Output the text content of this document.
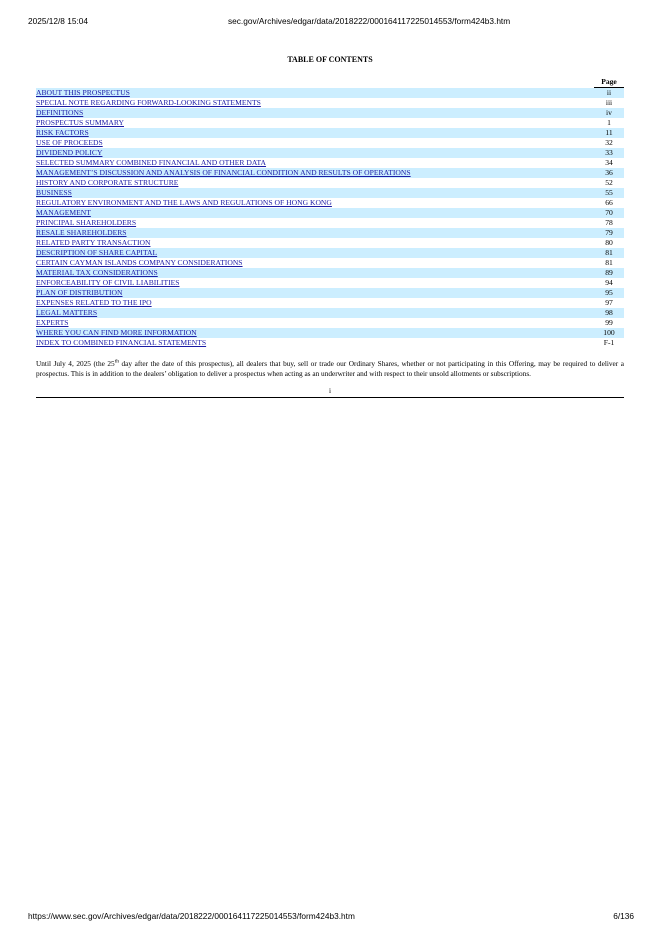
2025/12/8 15:04	sec.gov/Archives/edgar/data/2018222/000164117225014553/form424b3.htm
TABLE OF CONTENTS
	Page
ABOUT THIS PROSPECTUS	ii
SPECIAL NOTE REGARDING FORWARD-LOOKING STATEMENTS	iii
DEFINITIONS	iv
PROSPECTUS SUMMARY	1
RISK FACTORS	11
USE OF PROCEEDS	32
DIVIDEND POLICY	33
SELECTED SUMMARY COMBINED FINANCIAL AND OTHER DATA	34
MANAGEMENT’S DISCUSSION AND ANALYSIS OF FINANCIAL CONDITION AND RESULTS OF OPERATIONS	36
HISTORY AND CORPORATE STRUCTURE	52
BUSINESS	55
REGULATORY ENVIRONMENT AND THE LAWS AND REGULATIONS OF HONG KONG	66
MANAGEMENT	70
PRINCIPAL SHAREHOLDERS	78
RESALE SHAREHOLDERS	79
RELATED PARTY TRANSACTION	80
DESCRIPTION OF SHARE CAPITAL	81
CERTAIN CAYMAN ISLANDS COMPANY CONSIDERATIONS	81
MATERIAL TAX CONSIDERATIONS	89
ENFORCEABILITY OF CIVIL LIABILITIES	94
PLAN OF DISTRIBUTION	95
EXPENSES RELATED TO THE IPO	97
LEGAL MATTERS	98
EXPERTS	99
WHERE YOU CAN FIND MORE INFORMATION	100
INDEX TO COMBINED FINANCIAL STATEMENTS	F-1
Until July 4, 2025 (the 25th day after the date of this prospectus), all dealers that buy, sell or trade our Ordinary Shares, whether or not participating in this Offering, may be required to deliver a prospectus. This is in addition to the dealers’ obligation to deliver a prospectus when acting as an underwriter and with respect to their unsold allotments or subscriptions.
i
https://www.sec.gov/Archives/edgar/data/2018222/000164117225014553/form424b3.htm	6/136
